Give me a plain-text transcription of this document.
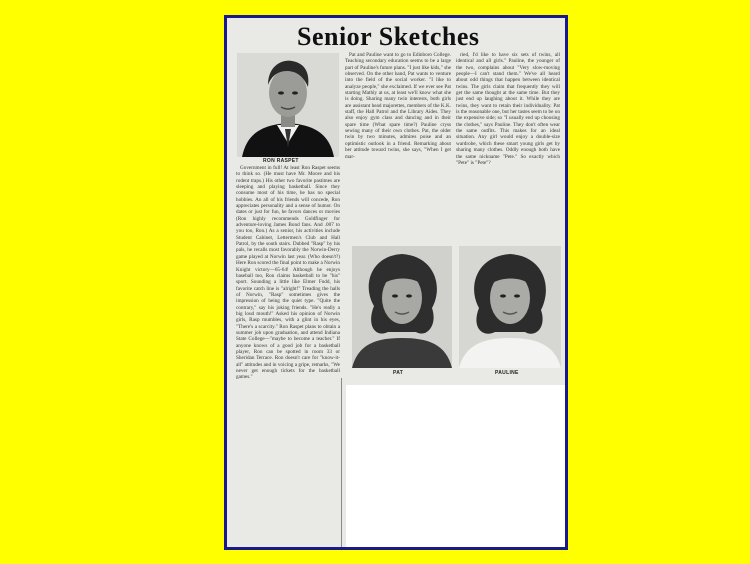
Senior Sketches
RON RASPET

Government in full! At least Ron Raspet seems to think so. (He must have Mr. Moore and his rodent traps.) His other two favorite pastimes are sleeping and playing basketball. Since they consume most of his time, he has no special hobbies. An all of his friends will concede, Ron appreciates personality and a sense of humor. On dates or just for fun, he favors dances or movies (Ron highly recommends Goldfinger for adventure-loving James Bond fans. And .007 to you too, Ron.) As a senior, his activities include Student Cabinet, Lettermen's Club and Hall Patrol, by the south stairs. Dubbed "Rasp" by his pals, he recalls most favorably the Norwin-Derry game played at Norwin last year. (Who doesn't?) Here Ron scored the final point to make a Norwin Knight victory—65-64! Although he enjoys baseball too, Ron claims basketball to be "his" sport. Sounding a little like Elmer Fudd, his favorite catch line is "alright!" Treading the halls of Norwin, "Rasp" sometimes gives the impression of being the quiet type. "Quite the contrary," say his joking friends. "He's really a big loud mouth!" Asked his opinion of Norwin girls, Rasp mumbles, with a glint in his eyes, "There's a scarcity." Ron Raspet plans to obtain a summer job upon graduation, and attend Indiana State College—"maybe to become a teacher." If anyone knows of a good job for a basketball player, Ron can be spotted in room 33 or Sheridan Terrace. Ron doesn't care for "know-it-all" attitudes and in voicing a gripe, remarks, "We never get enough tickets for the basketball games."

Pat and Pauline want to go to Edinboro College. Teaching secondary education seems to be a large part of Pauline's future plans. "I just like kids," she observed. On the other hand, Pat wants to venture into the field of the social worker. "I like to analyze people," she exclaimed. If we ever see Pat starting Mathly at us, at least we'll know what she is doing. Sharing many twin interests, both girls are assistant head majorettes, members of the K.K. staff, the Hall Patrol and the Library Aides. They also enjoy gym class and dancing and in their spare time (What spare time?) Pauline cryss sewing many of their own clothes. Pat, the older twin by two minutes, admires poise and an optimistic outlook in a friend. Remarking about her attitude toward twins, she says, "When I get mar-

ried, I'd like to have six sets of twins, all identical and all girls." Pauline, the younger of the two, complains about "Very slow-moving people—I can't stand them." We've all heard about odd things that happen between identical twins. The girls claim that frequently they will get the same thought at the same time. But they just end up laughing about it. While they are twins, they want to retain their individuality. Pat is the reasonable one, but her tastes seem to be on the expensive side; so "I usually end up choosing the clothes," says Pauline. They don't often wear the same outfits. This makes for an ideal situation. Any girl would enjoy a double-size wardrobe, which these smart young girls get by sharing many clothes. Oddly enough both have the same nickname "Pete." So exactly which "Pete" is "Pete"?

PAT	PAULINE
